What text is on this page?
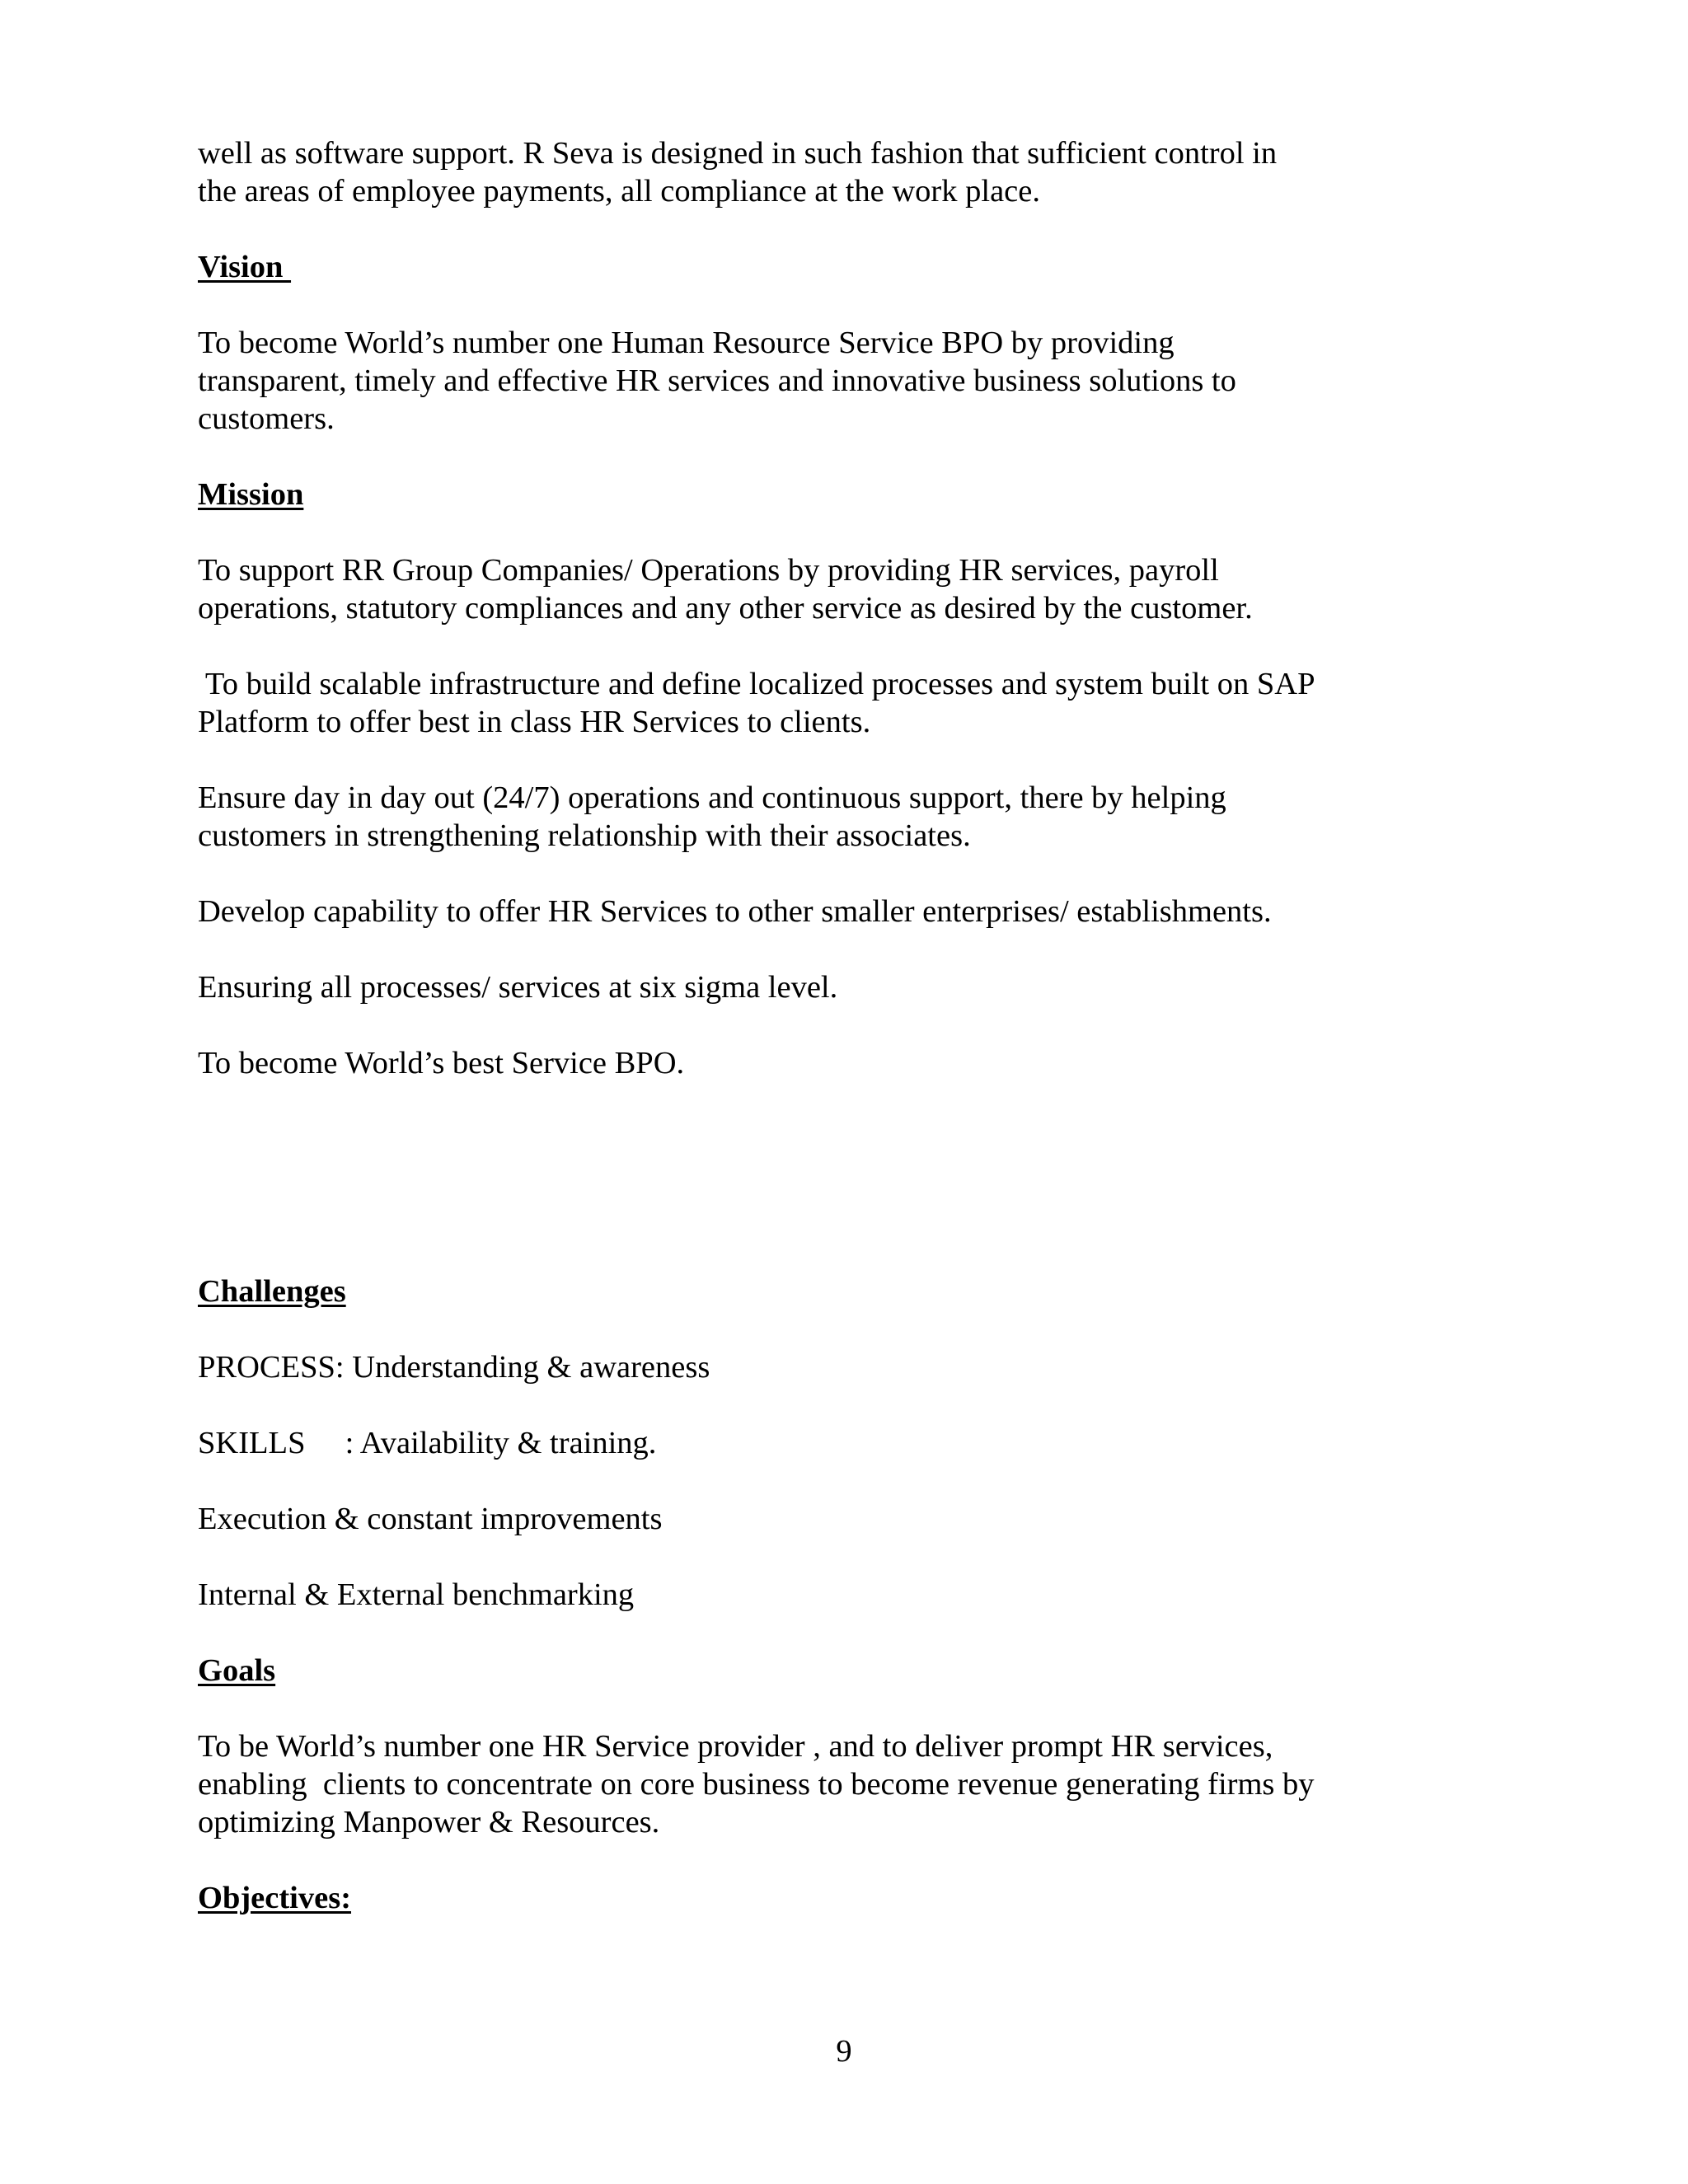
well as software support. R Seva is designed in such fashion that sufficient control in
the areas of employee payments, all compliance at the work place.

Vision

To become World’s number one Human Resource Service BPO by providing
transparent, timely and effective HR services and innovative business solutions to
customers.

Mission

To support RR Group Companies/ Operations by providing HR services, payroll
operations, statutory compliances and any other service as desired by the customer.

To build scalable infrastructure and define localized processes and system built on SAP
Platform to offer best in class HR Services to clients.

Ensure day in day out (24/7) operations and continuous support, there by helping
customers in strengthening relationship with their associates.

Develop capability to offer HR Services to other smaller enterprises/ establishments.

Ensuring all processes/ services at six sigma level.

To become World’s best Service BPO.

Challenges

PROCESS: Understanding & awareness

SKILLS     : Availability & training.

Execution & constant improvements

Internal & External benchmarking

Goals

To be World’s number one HR Service provider , and to deliver prompt HR services,
enabling  clients to concentrate on core business to become revenue generating firms by
optimizing Manpower & Resources.

Objectives:
9
